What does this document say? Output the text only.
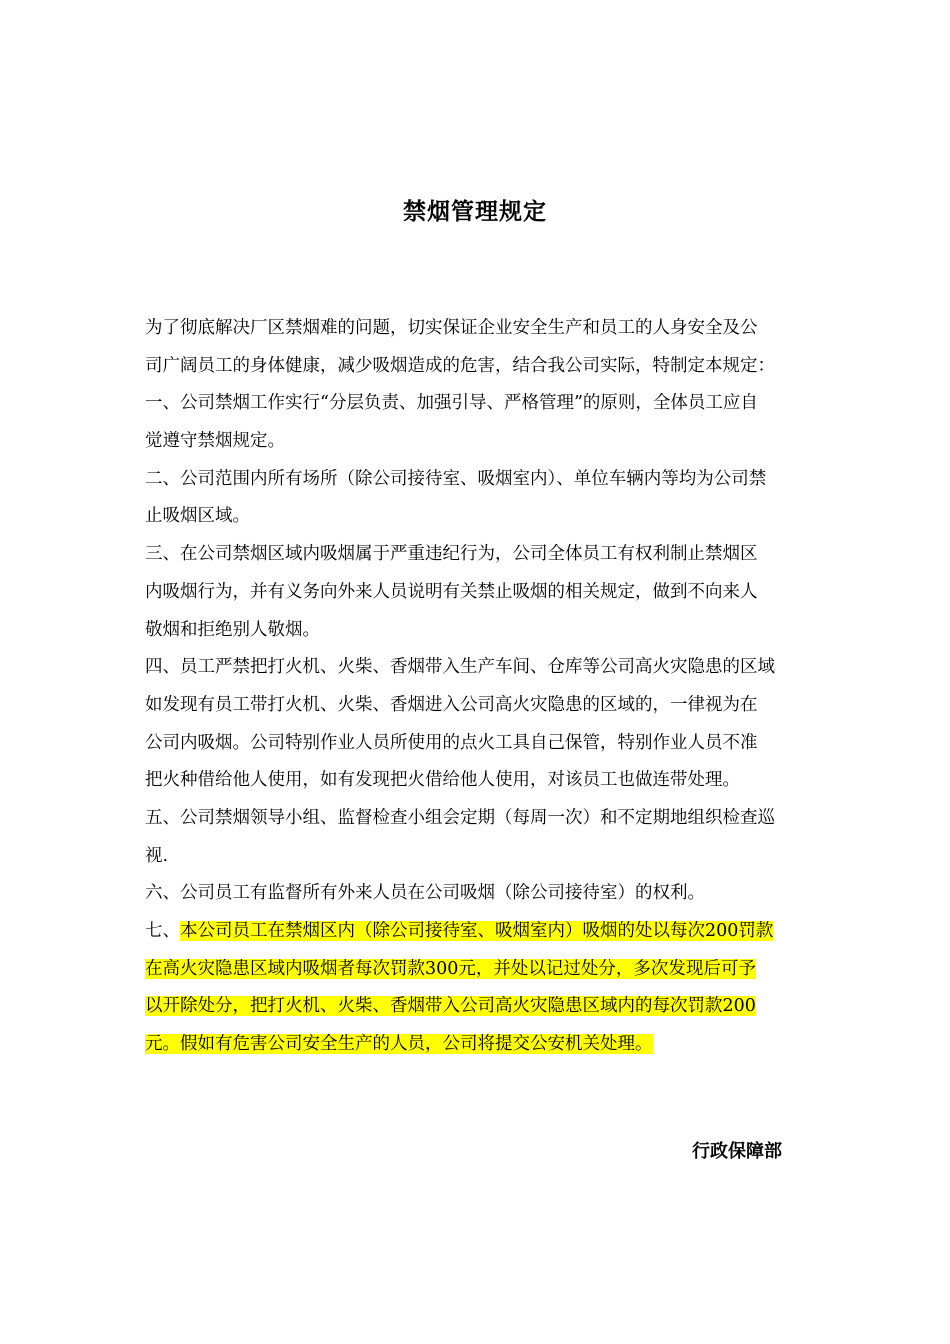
禁烟管理规定
为了彻底解决厂区禁烟难的问题，切实保证企业安全生产和员工的人身安全及公
司广阔员工的身体健康，减少吸烟造成的危害，结合我公司实际，特制定本规定：
一、公司禁烟工作实行“分层负责、加强引导、严格管理”的原则，全体员工应自
觉遵守禁烟规定。
二、公司范围内所有场所（除公司接待室、吸烟室内）、单位车辆内等均为公司禁
止吸烟区域。
三、在公司禁烟区域内吸烟属于严重违纪行为，公司全体员工有权利制止禁烟区
内吸烟行为，并有义务向外来人员说明有关禁止吸烟的相关规定，做到不向来人
敬烟和拒绝别人敬烟。
四、员工严禁把打火机、火柴、香烟带入生产车间、仓库等公司高火灾隐患的区域
如发现有员工带打火机、火柴、香烟进入公司高火灾隐患的区域的，一律视为在
公司内吸烟。公司特别作业人员所使用的点火工具自己保管，特别作业人员不准
把火种借给他人使用，如有发现把火借给他人使用，对该员工也做连带处理。
五、公司禁烟领导小组、监督检查小组会定期（每周一次）和不定期地组织检查巡
视.
六、公司员工有监督所有外来人员在公司吸烟（除公司接待室）的权利。
七、本公司员工在禁烟区内（除公司接待室、吸烟室内）吸烟的处以每次200罚款
在高火灾隐患区域内吸烟者每次罚款300元，并处以记过处分，多次发现后可予
以开除处分，把打火机、火柴、香烟带入公司高火灾隐患区域内的每次罚款200
元。假如有危害公司安全生产的人员，公司将提交公安机关处理。
行政保障部
